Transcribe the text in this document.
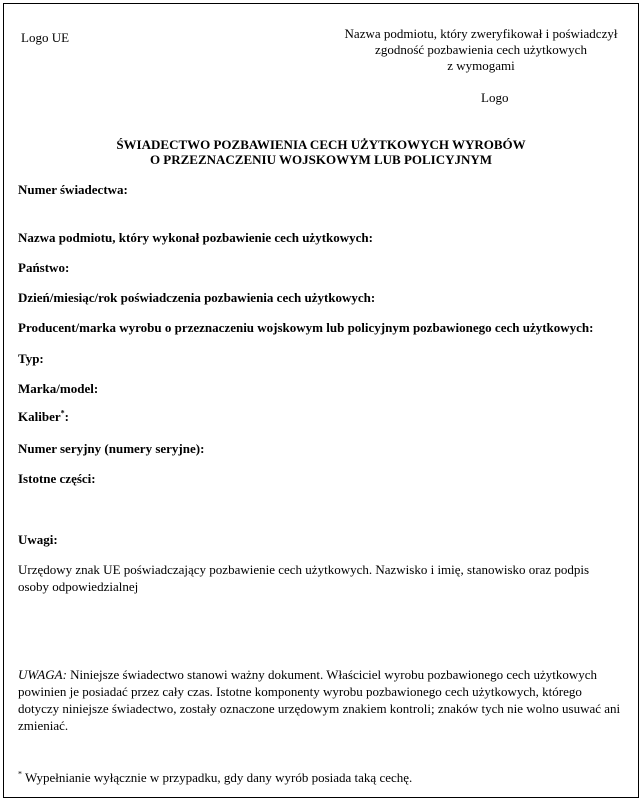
Logo UE	Nazwa podmiotu, który zweryfikował i poświadczył
zgodność pozbawienia cech użytkowych
z wymogami
Logo
ŚWIADECTWO POZBAWIENIA CECH UŻYTKOWYCH WYROBÓW
O PRZEZNACZENIU WOJSKOWYM LUB POLICYJNYM
Numer świadectwa:
Nazwa podmiotu, który wykonał pozbawienie cech użytkowych:
Państwo:
Dzień/miesiąc/rok poświadczenia pozbawienia cech użytkowych:
Producent/marka wyrobu o przeznaczeniu wojskowym lub policyjnym pozbawionego cech użytkowych:
Typ:
Marka/model:
Kaliber*:
Numer seryjny (numery seryjne):
Istotne części:
Uwagi:
Urzędowy znak UE poświadczający pozbawienie cech użytkowych. Nazwisko i imię, stanowisko oraz podpis
osoby odpowiedzialnej
UWAGA: Niniejsze świadectwo stanowi ważny dokument. Właściciel wyrobu pozbawionego cech użytkowych
powinien je posiadać przez cały czas. Istotne komponenty wyrobu pozbawionego cech użytkowych, którego
dotyczy niniejsze świadectwo, zostały oznaczone urzędowym znakiem kontroli; znaków tych nie wolno usuwać ani
zmieniać.
* Wypełnianie wyłącznie w przypadku, gdy dany wyrób posiada taką cechę.
